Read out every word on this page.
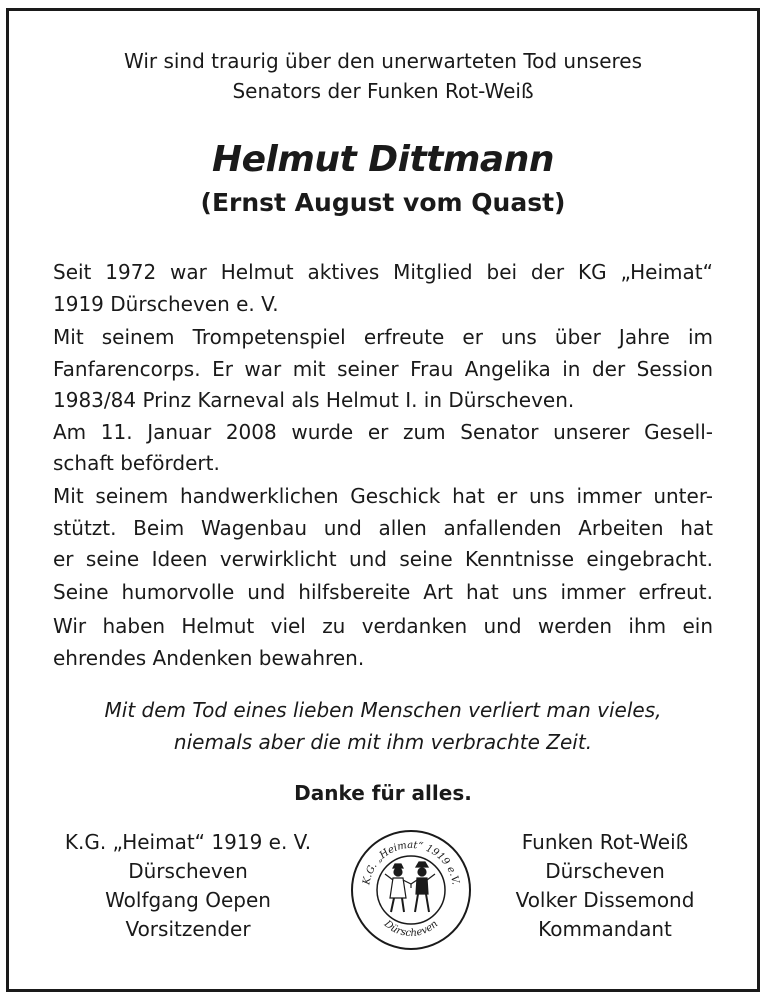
Wir sind traurig über den unerwarteten Tod unseres
Senators der Funken Rot-Weiß
Helmut Dittmann
(Ernst August vom Quast)
Seit 1972 war Helmut aktives Mitglied bei der KG „Heimat“
1919 Dürscheven e. V.
Mit seinem Trompetenspiel erfreute er uns über Jahre im
Fanfarencorps. Er war mit seiner Frau Angelika in der Session
1983/84 Prinz Karneval als Helmut I. in Dürscheven.
Am 11. Januar 2008 wurde er zum Senator unserer Gesell-
schaft befördert.
Mit seinem handwerklichen Geschick hat er uns immer unter-
stützt. Beim Wagenbau und allen anfallenden Arbeiten hat
er seine Ideen verwirklicht und seine Kenntnisse eingebracht.
Seine humorvolle und hilfsbereite Art hat uns immer erfreut.
Wir haben Helmut viel zu verdanken und werden ihm ein
ehrendes Andenken bewahren.
Mit dem Tod eines lieben Menschen verliert man vieles,
niemals aber die mit ihm verbrachte Zeit.
Danke für alles.
K.G. „Heimat“ 1919 e. V.
Dürscheven
Wolfgang Oepen
Vorsitzender
K.G. „Heimat“ 1919 e.V.
Dürscheven
Funken Rot-Weiß
Dürscheven
Volker Dissemond
Kommandant
